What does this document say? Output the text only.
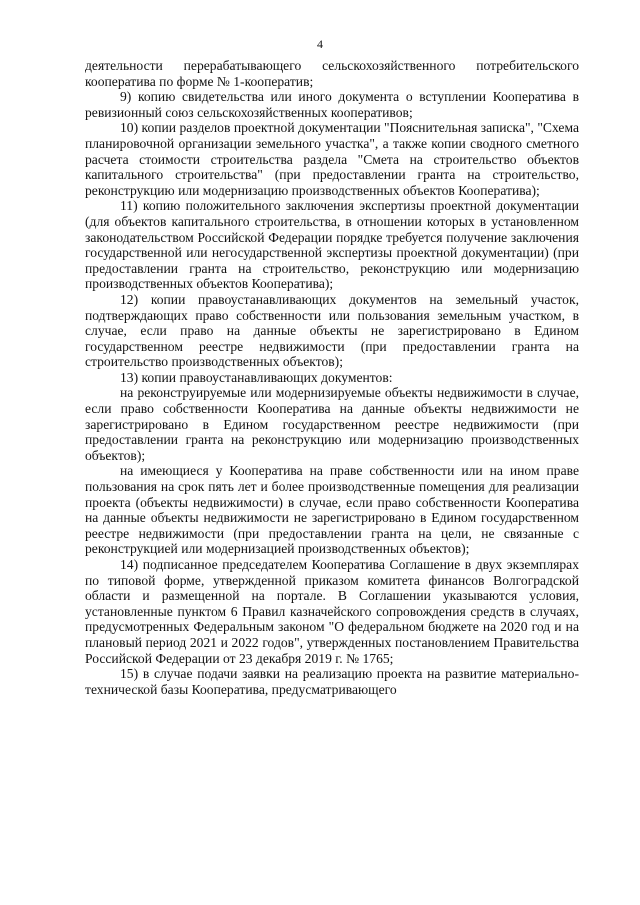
4

деятельности перерабатывающего сельскохозяйственного потребительского кооператива по форме № 1-кооператив;

9) копию свидетельства или иного документа о вступлении Кооператива в ревизионный союз сельскохозяйственных кооперативов;

10) копии разделов проектной документации "Пояснительная записка", "Схема планировочной организации земельного участка", а также копии сводного сметного расчета стоимости строительства раздела "Смета на строительство объектов капитального строительства" (при предоставлении гранта на строительство, реконструкцию или модернизацию производственных объектов Кооператива);

11) копию положительного заключения экспертизы проектной документации (для объектов капитального строительства, в отношении которых в установленном законодательством Российской Федерации порядке требуется получение заключения государственной или негосударственной экспертизы проектной документации) (при предоставлении гранта на строительство, реконструкцию или модернизацию производственных объектов Кооператива);

12) копии правоустанавливающих документов на земельный участок, подтверждающих право собственности или пользования земельным участком, в случае, если право на данные объекты не зарегистрировано в Едином государственном реестре недвижимости (при предоставлении гранта на строительство производственных объектов);

13) копии правоустанавливающих документов:

на реконструируемые или модернизируемые объекты недвижимости в случае, если право собственности Кооператива на данные объекты недвижимости не зарегистрировано в Едином государственном реестре недвижимости (при предоставлении гранта на реконструкцию или модернизацию производственных объектов);

на имеющиеся у Кооператива на праве собственности или на ином праве пользования на срок пять лет и более производственные помещения для реализации проекта (объекты недвижимости) в случае, если право собственности Кооператива на данные объекты недвижимости не зарегистрировано в Едином государственном реестре недвижимости (при предоставлении гранта на цели, не связанные с реконструкцией или модернизацией производственных объектов);

14) подписанное председателем Кооператива Соглашение в двух экземплярах по типовой форме, утвержденной приказом комитета финансов Волгоградской области и размещенной на портале. В Соглашении указываются условия, установленные пунктом 6 Правил казначейского сопровождения средств в случаях, предусмотренных Федеральным законом "О федеральном бюджете на 2020 год и на плановый период 2021 и 2022 годов", утвержденных постановлением Правительства Российской Федерации от 23 декабря 2019 г. № 1765;

15) в случае подачи заявки на реализацию проекта на развитие материально-технической базы Кооператива, предусматривающего
